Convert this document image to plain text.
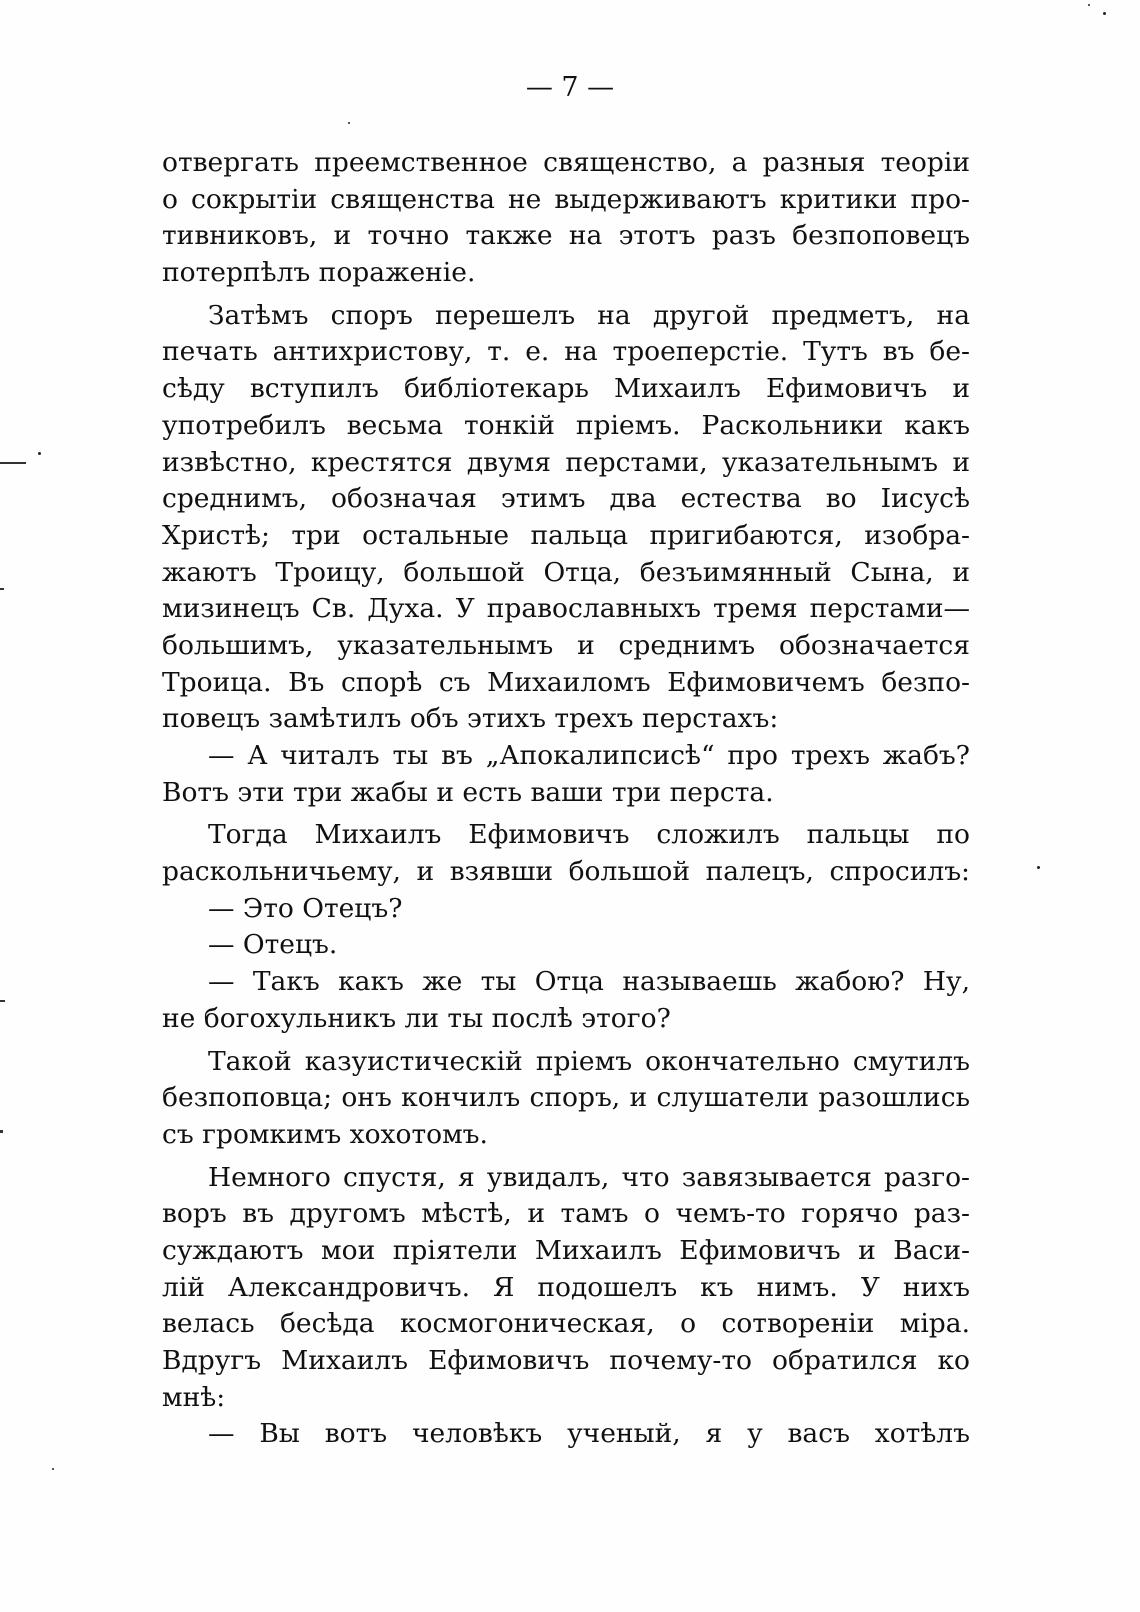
— 7 —
отвергать преемственное священство, а разныя теорiи
о сокрытiи священства не выдерживаютъ критики про-
тивниковъ, и точно также на этотъ разъ безпоповецъ
потерпѣлъ пораженiе.
Затѣмъ споръ перешелъ на другой предметъ, на
печать антихристову, т. е. на троеперстiе. Тутъ въ бе-
сѣду вступилъ библiотекарь Михаилъ Ефимовичъ и
употребилъ весьма тонкiй прiемъ. Раскольники какъ
извѣстно, крестятся двумя перстами, указательнымъ и
среднимъ, обозначая этимъ два естества во Iисусѣ
Христѣ; три остальные пальца пригибаются, изобра-
жаютъ Троицу, большой Отца, безъимянный Сына, и
мизинецъ Св. Духа. У православныхъ тремя перстами—
большимъ, указательнымъ и среднимъ обозначается
Троица. Въ спорѣ съ Михаиломъ Ефимовичемъ безпо-
повецъ замѣтилъ объ этихъ трехъ перстахъ:
— А читалъ ты въ „Апокалипсисѣ“ про трехъ жабъ?
Вотъ эти три жабы и есть ваши три перста.
Тогда Михаилъ Ефимовичъ сложилъ пальцы по
раскольничьему, и взявши большой палецъ, спросилъ:
— Это Отецъ?
— Отецъ.
— Такъ какъ же ты Отца называешь жабою? Ну,
не богохульникъ ли ты послѣ этого?
Такой казуистическiй прiемъ окончательно смутилъ
безпоповца; онъ кончилъ споръ, и слушатели разошлись
съ громкимъ хохотомъ.
Немного спустя, я увидалъ, что завязывается разго-
воръ въ другомъ мѣстѣ, и тамъ о чемъ-то горячо раз-
суждаютъ мои прiятели Михаилъ Ефимовичъ и Васи-
лiй Александровичъ. Я подошелъ къ нимъ. У нихъ
велась бесѣда космогоническая, о сотворенiи мiра.
Вдругъ Михаилъ Ефимовичъ почему-то обратился ко
мнѣ:
— Вы вотъ человѣкъ ученый, я у васъ хотѣлъ
